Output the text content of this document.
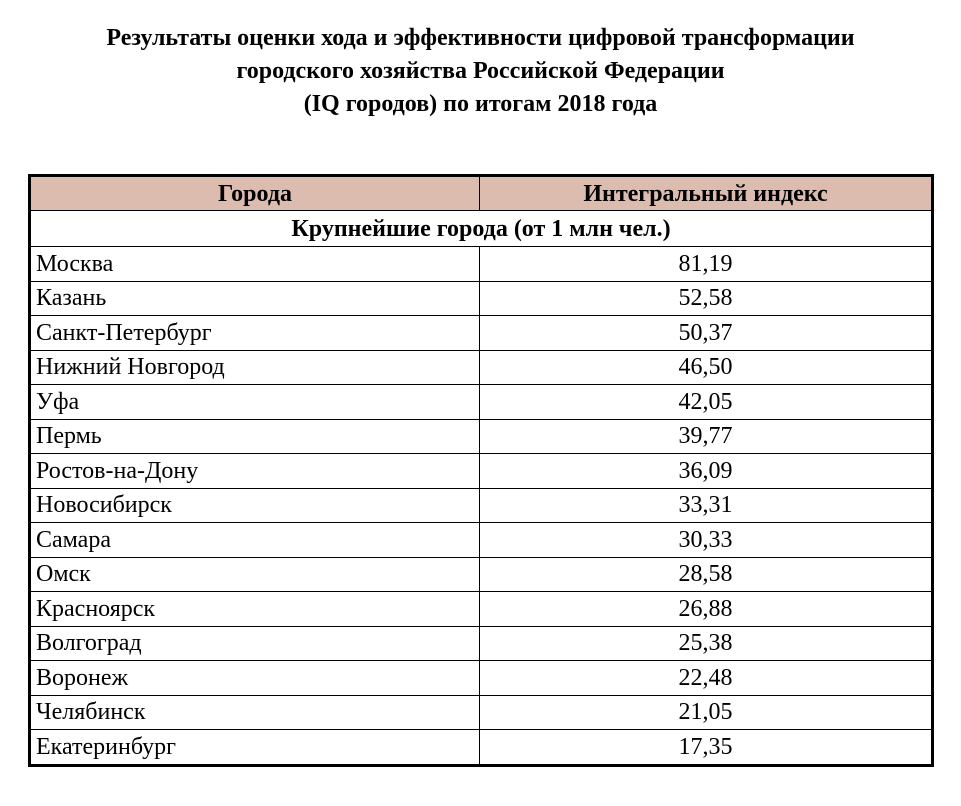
Результаты оценки хода и эффективности цифровой трансформации
городского хозяйства Российской Федерации
(IQ городов) по итогам 2018 года
Города	Интегральный индекс
Крупнейшие города (от 1 млн чел.)	
Москва	81,19
Казань	52,58
Санкт-Петербург	50,37
Нижний Новгород	46,50
Уфа	42,05
Пермь	39,77
Ростов-на-Дону	36,09
Новосибирск	33,31
Самара	30,33
Омск	28,58
Красноярск	26,88
Волгоград	25,38
Воронеж	22,48
Челябинск	21,05
Екатеринбург	17,35
